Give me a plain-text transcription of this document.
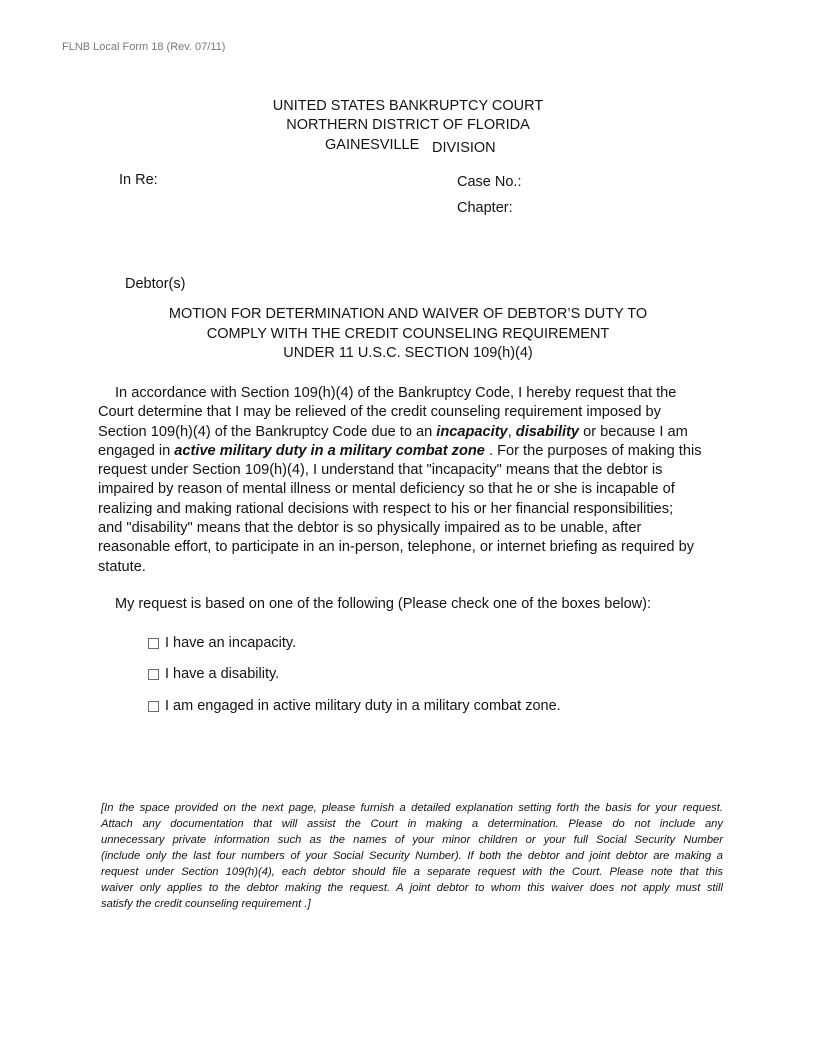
FLNB Local Form 18 (Rev. 07/11)
UNITED STATES BANKRUPTCY COURT
NORTHERN DISTRICT OF FLORIDA
GAINESVILLE DIVISION
In Re:	Case No.:
Chapter:
Debtor(s)
MOTION FOR DETERMINATION AND WAIVER OF DEBTOR’S DUTY TO
COMPLY WITH THE CREDIT COUNSELING REQUIREMENT
UNDER 11 U.S.C. SECTION 109(h)(4)
In accordance with Section 109(h)(4) of the Bankruptcy Code, I hereby request that the
Court determine that I may be relieved of the credit counseling requirement imposed by
Section 109(h)(4) of the Bankruptcy Code due to an incapacity, disability or because I am
engaged in active military duty in a military combat zone . For the purposes of making this
request under Section 109(h)(4), I understand that "incapacity" means that the debtor is
impaired by reason of mental illness or mental deficiency so that he or she is incapable of
realizing and making rational decisions with respect to his or her financial responsibilities;
and "disability" means that the debtor is so physically impaired as to be unable, after
reasonable effort, to participate in an in-person, telephone, or internet briefing as required by
statute.
My request is based on one of the following (Please check one of the boxes below):
I have an incapacity.
I have a disability.
I am engaged in active military duty in a military combat zone.
[In the space provided on the next page, please furnish a detailed explanation setting forth the basis for your request.
Attach any documentation that will assist the Court in making a determination. Please do not include any
unnecessary private information such as the names of your minor children or your full Social Security Number
(include only the last four numbers of your Social Security Number). If both the debtor and joint debtor are making a
request under Section 109(h)(4), each debtor should file a separate request with the Court. Please note that this
waiver only applies to the debtor making the request. A joint debtor to whom this waiver does not apply must still
satisfy the credit counseling requirement .]
